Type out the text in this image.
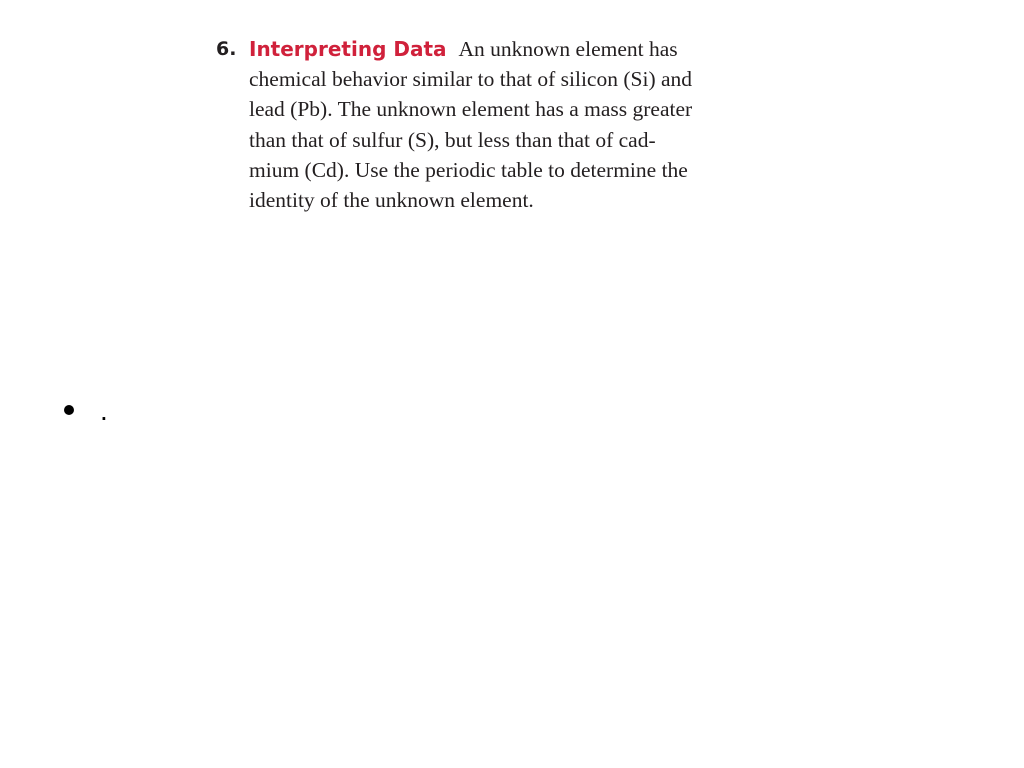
6. Interpreting Data An unknown element has
chemical behavior similar to that of silicon (Si) and
lead (Pb). The unknown element has a mass greater
than that of sulfur (S), but less than that of cad-
mium (Cd). Use the periodic table to determine the
identity of the unknown element.
.
